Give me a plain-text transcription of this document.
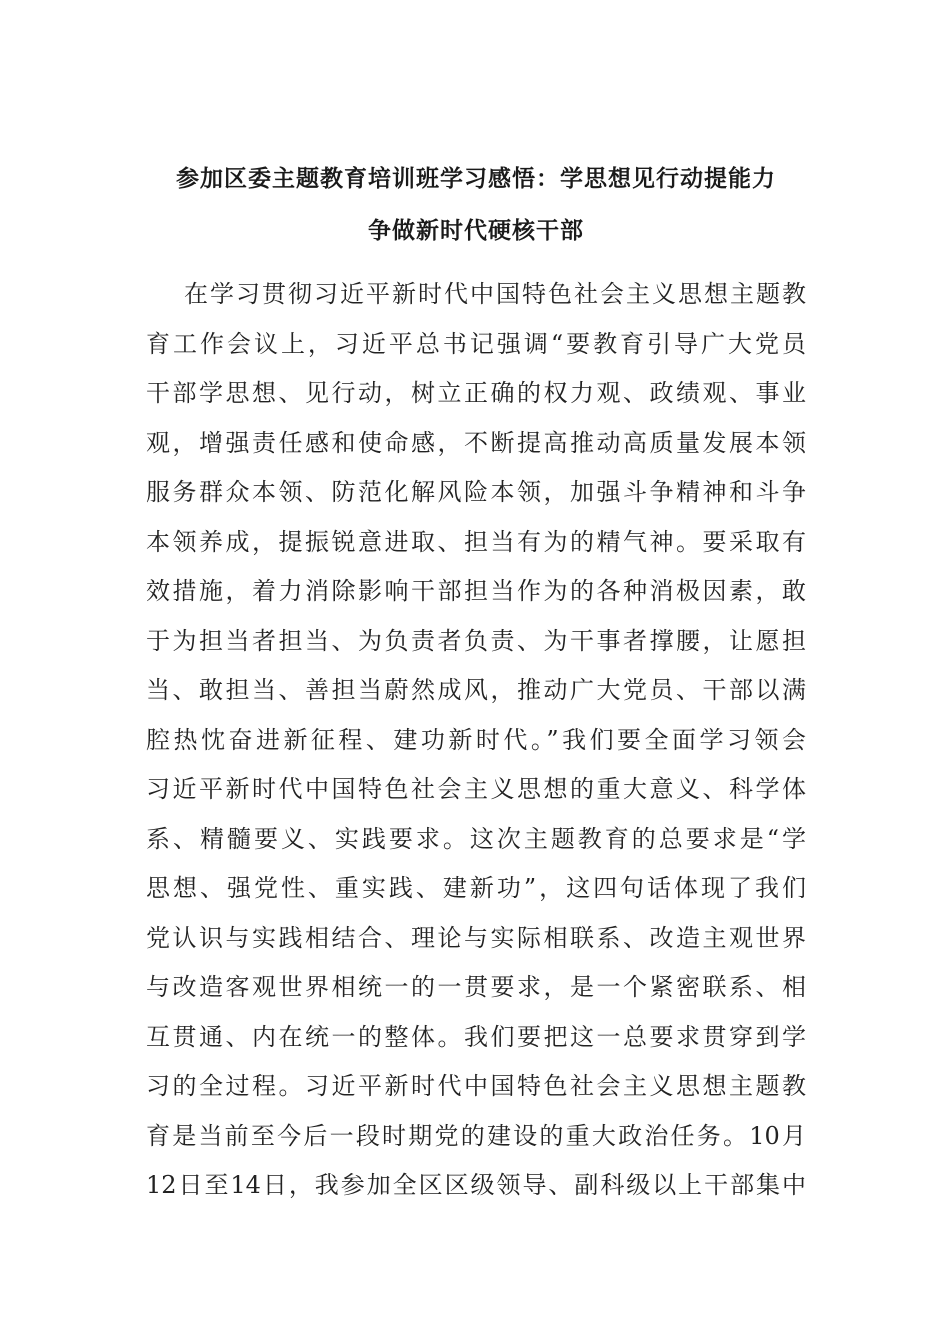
参加区委主题教育培训班学习感悟：学思想见行动提能力
争做新时代硬核干部
在学习贯彻习近平新时代中国特色社会主义思想主题教
育工作会议上，习近平总书记强调“要教育引导广大党员
干部学思想、见行动，树立正确的权力观、政绩观、事业
观，增强责任感和使命感，不断提高推动高质量发展本领
服务群众本领、防范化解风险本领，加强斗争精神和斗争
本领养成，提振锐意进取、担当有为的精气神。要采取有
效措施，着力消除影响干部担当作为的各种消极因素，敢
于为担当者担当、为负责者负责、为干事者撑腰，让愿担
当、敢担当、善担当蔚然成风，推动广大党员、干部以满
腔热忱奋进新征程、建功新时代。”我们要全面学习领会
习近平新时代中国特色社会主义思想的重大意义、科学体
系、精髓要义、实践要求。这次主题教育的总要求是“学
思想、强党性、重实践、建新功”，这四句话体现了我们
党认识与实践相结合、理论与实际相联系、改造主观世界
与改造客观世界相统一的一贯要求，是一个紧密联系、相
互贯通、内在统一的整体。我们要把这一总要求贯穿到学
习的全过程。习近平新时代中国特色社会主义思想主题教
育是当前至今后一段时期党的建设的重大政治任务。10月
12日至14日，我参加全区区级领导、副科级以上干部集中
